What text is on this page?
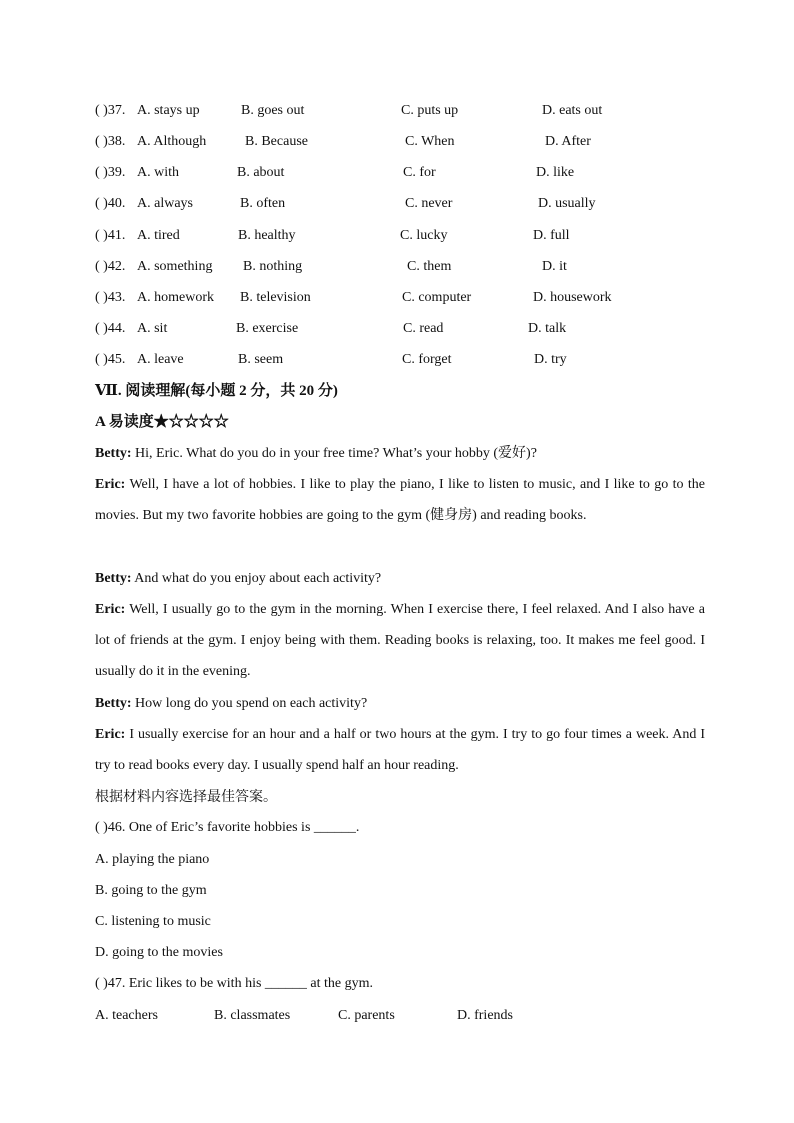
( )37. A. stays up	B. goes out	C. puts up	D. eats out
( )38. A. Although	B. Because	C. When	D. After
( )39. A. with	B. about	C. for	D. like
( )40. A. always	B. often	C. never	D. usually
( )41. A. tired	B. healthy	C. lucky	D. full
( )42. A. something B. nothing	C. them	D. it
( )43. A. homework B. television	C. computer	D. housework
( )44. A. sit	B. exercise	C. read	D. talk
( )45. A. leave	B. seem	C. forget	D. try
Ⅶ. 阅读理解(每小题 2 分，共 20 分)
A 易读度★☆☆☆☆
Betty: Hi, Eric. What do you do in your free time? What’s your hobby (爱好)?
Eric: Well, I have a lot of hobbies. I like to play the piano, I like to listen to music, and I like to go to the movies. But my two favorite hobbies are going to the gym (健身房) and reading books.
Betty: And what do you enjoy about each activity?
Eric: Well, I usually go to the gym in the morning. When I exercise there, I feel relaxed. And I also have a lot of friends at the gym. I enjoy being with them. Reading books is relaxing, too. It makes me feel good. I usually do it in the evening.
Betty: How long do you spend on each activity?
Eric: I usually exercise for an hour and a half or two hours at the gym. I try to go four times a week. And I try to read books every day. I usually spend half an hour reading.
根据材料内容选择最佳答案。
( )46. One of Eric’s favorite hobbies is ______.
A. playing the piano
B. going to the gym
C. listening to music
D. going to the movies
( )47. Eric likes to be with his ______ at the gym.
A. teachers	B. classmates	C. parents	D. friends
